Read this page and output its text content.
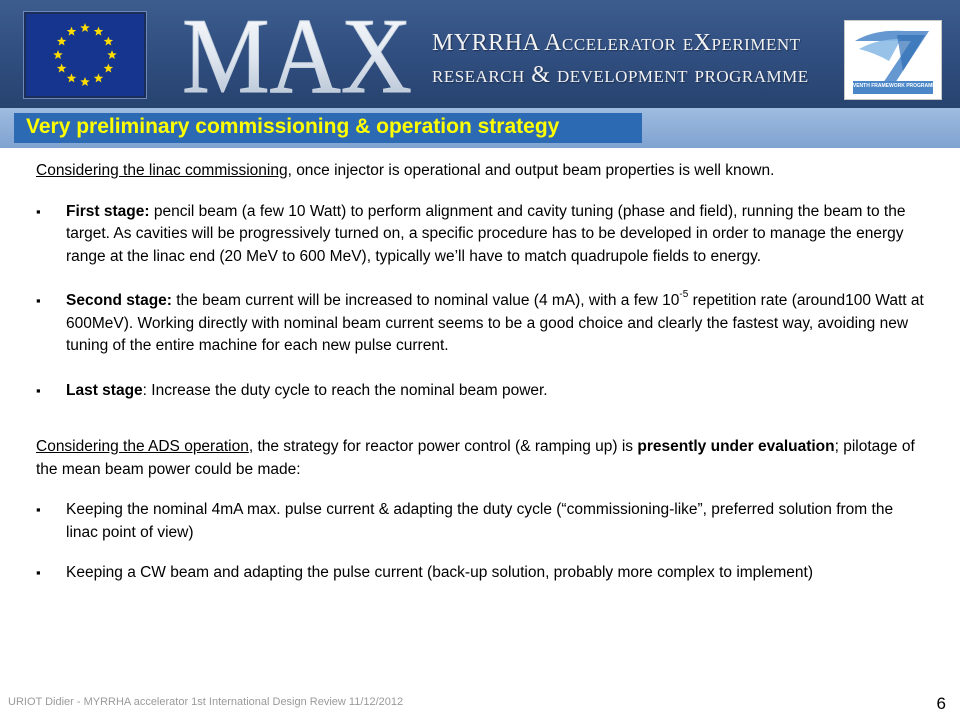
MAX MYRRHA Accelerator eXperiment
research & development programme	SEVENTH FRAMEWORK PROGRAMME
Very preliminary commissioning & operation strategy

Considering the linac commissioning, once injector is operational and output beam properties is well known.

▪	First stage: pencil beam (a few 10 Watt) to perform alignment and cavity tuning (phase and field), running the beam to the target. As cavities will be progressively turned on, a specific procedure has to be developed in order to manage the energy range at the linac end (20 MeV to 600 MeV), typically we’ll have to match quadrupole fields to energy.

▪	Second stage: the beam current will be increased to nominal value (4 mA), with a few $10^{-5}$ repetition rate (around100 Watt at 600MeV). Working directly with nominal beam current seems to be a good choice and clearly the fastest way, avoiding new tuning of the entire machine for each new pulse current.

▪	Last stage: Increase the duty cycle to reach the nominal beam power.

Considering the ADS operation, the strategy for reactor power control (& ramping up) is presently under evaluation; pilotage of the mean beam power could be made:

▪	Keeping the nominal 4mA max. pulse current & adapting the duty cycle (“commissioning-like”, preferred solution from the linac point of view)

▪	Keeping a CW beam and adapting the pulse current (back-up solution, probably more complex to implement)

URIOT Didier - MYRRHA accelerator 1st International Design Review 11/12/2012	6
